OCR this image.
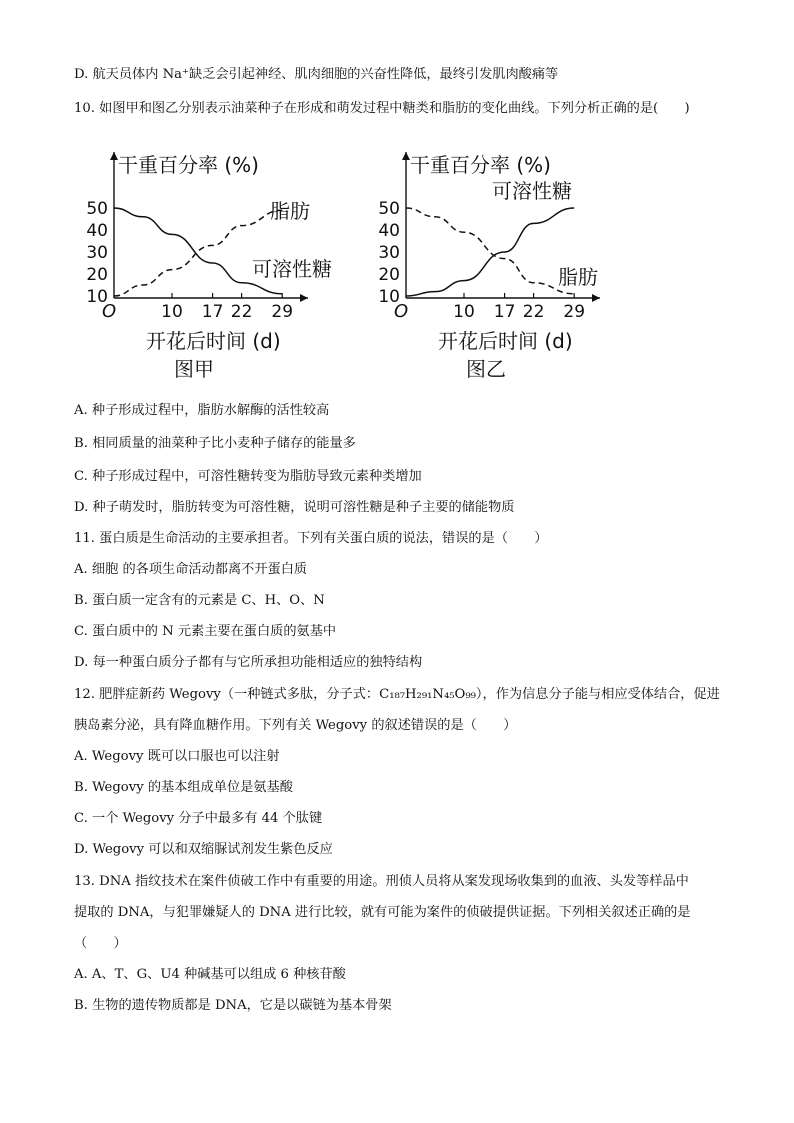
D. 航天员体内 Na⁺缺乏会引起神经、肌肉细胞的兴奋性降低，最终引发肌肉酸痛等
10. 如图甲和图乙分别表示油菜种子在形成和萌发过程中糖类和脂肪的变化曲线。下列分析正确的是(　　)
干重百分率 (%)
50
40
30
20
10
O	10 17 22 29
脂肪
可溶性糖
开花后时间 (d)
图甲
干重百分率 (%)
50
40
30
20
10
O	10 17 22 29
可溶性糖
脂肪
开花后时间 (d)
图乙
A. 种子形成过程中，脂肪水解酶的活性较高
B. 相同质量的油菜种子比小麦种子储存的能量多
C. 种子形成过程中，可溶性糖转变为脂肪导致元素种类增加
D. 种子萌发时，脂肪转变为可溶性糖，说明可溶性糖是种子主要的储能物质
11. 蛋白质是生命活动的主要承担者。下列有关蛋白质的说法，错误的是（　　）
A. 细胞 的各项生命活动都离不开蛋白质
B. 蛋白质一定含有的元素是 C、H、O、N
C. 蛋白质中的 N 元素主要在蛋白质的氨基中
D. 每一种蛋白质分子都有与它所承担功能相适应的独特结构
12. 肥胖症新药 Wegovy（一种链式多肽，分子式：C₁₈₇H₂₉₁N₄₅O₉₉），作为信息分子能与相应受体结合，促进
胰岛素分泌，具有降血糖作用。下列有关 Wegovy 的叙述错误的是（　　）
A. Wegovy 既可以口服也可以注射
B. Wegovy 的基本组成单位是氨基酸
C. 一个 Wegovy 分子中最多有 44 个肽键
D. Wegovy 可以和双缩脲试剂发生紫色反应
13. DNA 指纹技术在案件侦破工作中有重要的用途。刑侦人员将从案发现场收集到的血液、头发等样品中
提取的 DNA，与犯罪嫌疑人的 DNA 进行比较，就有可能为案件的侦破提供证据。下列相关叙述正确的是
（　　）
A. A、T、G、U4 种碱基可以组成 6 种核苷酸
B. 生物的遗传物质都是 DNA，它是以碳链为基本骨架
